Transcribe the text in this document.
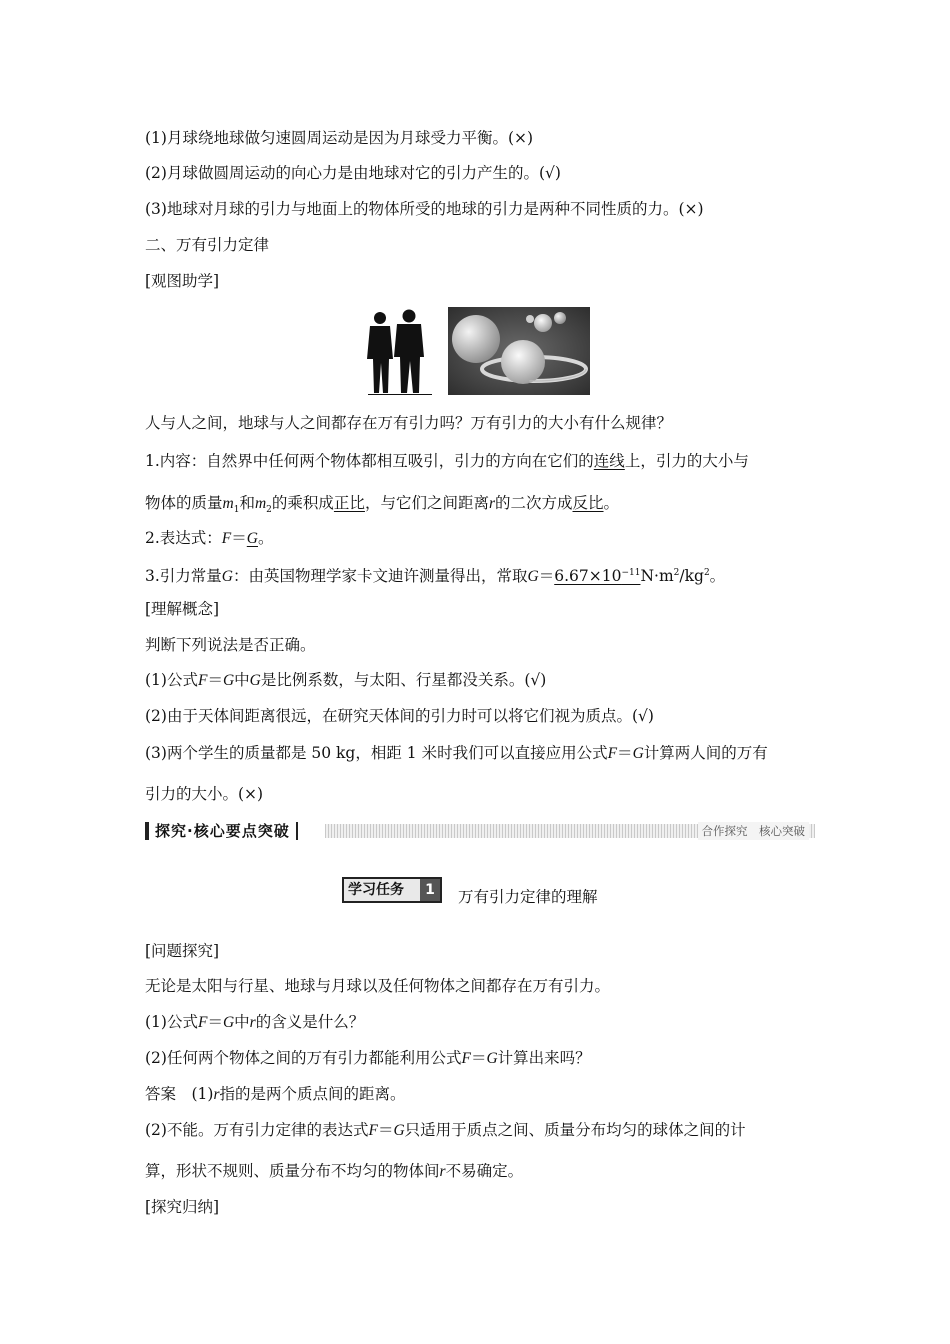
(1)月球绕地球做匀速圆周运动是因为月球受力平衡。(×)
(2)月球做圆周运动的向心力是由地球对它的引力产生的。(√)
(3)地球对月球的引力与地面上的物体所受的地球的引力是两种不同性质的力。(×)
二、万有引力定律
[观图助学]
人与人之间，地球与人之间都存在万有引力吗？万有引力的大小有什么规律？
1.内容：自然界中任何两个物体都相互吸引，引力的方向在它们的连线上，引力的大小与
物体的质量$m_1$和$m_2$的乘积成正比，与它们之间距离r的二次方成反比。
2.表达式：F＝G。
3.引力常量G：由英国物理学家卡文迪许测量得出，常取$G=6.67\times 10^{-11}N\cdot m^2/kg^2$。
[理解概念]
判断下列说法是否正确。
(1)公式F＝G中G是比例系数，与太阳、行星都没关系。(√)
(2)由于天体间距离很远，在研究天体间的引力时可以将它们视为质点。(√)
(3)两个学生的质量都是 50 kg，相距 1 米时我们可以直接应用公式F＝G计算两人间的万有
引力的大小。(×)
探究·核心要点突破	合作探究　核心突破
学习任务	1	万有引力定律的理解
[问题探究]
无论是太阳与行星、地球与月球以及任何物体之间都存在万有引力。
(1)公式F＝G中r的含义是什么？
(2)任何两个物体之间的万有引力都能利用公式F＝G计算出来吗？
答案　(1)r指的是两个质点间的距离。
(2)不能。万有引力定律的表达式F＝G只适用于质点之间、质量分布均匀的球体之间的计
算，形状不规则、质量分布不均匀的物体间r不易确定。
[探究归纳]
